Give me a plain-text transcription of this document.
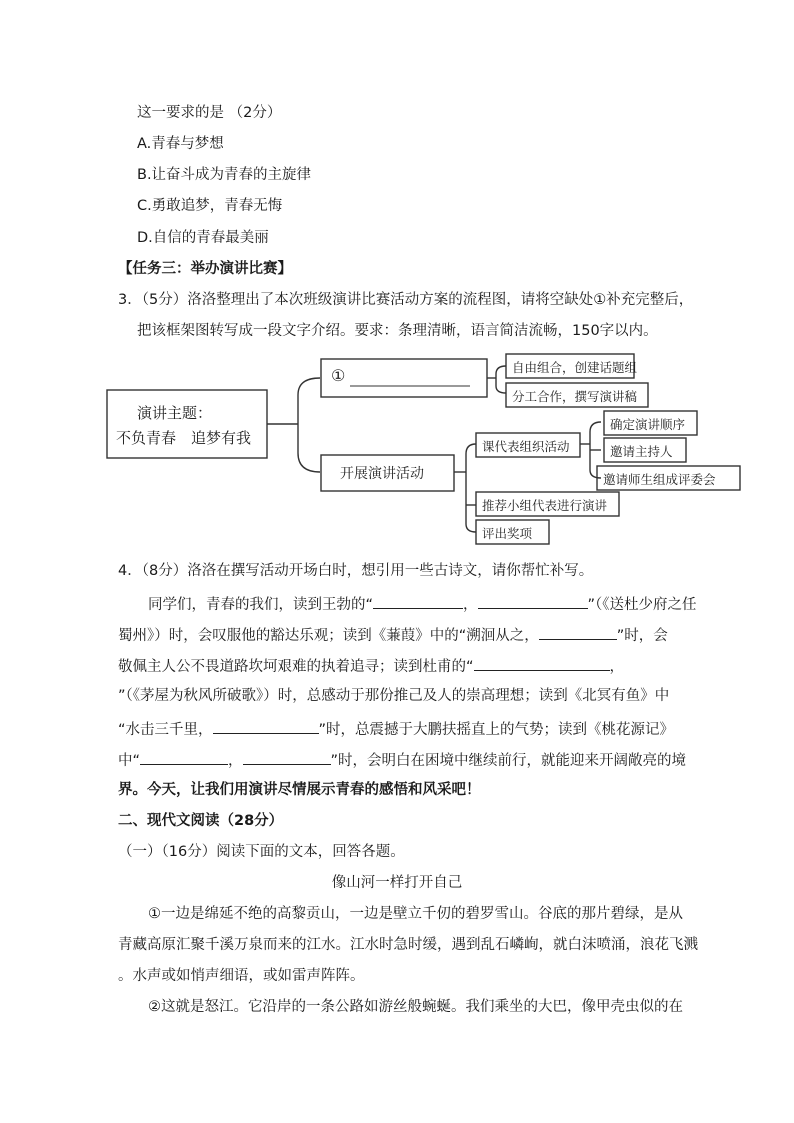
这一要求的是 （2分）
A.青春与梦想
B.让奋斗成为青春的主旋律
C.勇敢追梦，青春无悔
D.自信的青春最美丽
【任务三：举办演讲比赛】
3．（5分）洛洛整理出了本次班级演讲比赛活动方案的流程图，请将空缺处①补充完整后，
把该框架图转写成一段文字介绍。要求：条理清晰，语言简洁流畅，150字以内。
演讲主题：
不负青春　追梦有我
①
开展演讲活动
自由组合，创建话题组
分工合作，撰写演讲稿
课代表组织活动
推荐小组代表进行演讲
评出奖项
确定演讲顺序
邀请主持人
邀请师生组成评委会
4．（8分）洛洛在撰写活动开场白时，想引用一些古诗文，请你帮忙补写。
同学们，青春的我们，读到王勃的“	，	”（《送杜少府之任
蜀州》）时，会叹服他的豁达乐观；读到《蒹葭》中的“溯洄从之，	”时，会
敬佩主人公不畏道路坎坷艰难的执着追寻；读到杜甫的“	，
”（《茅屋为秋风所破歌》）时，总感动于那份推己及人的崇高理想；读到《北冥有鱼》中
“水击三千里，	”时，总震撼于大鹏扶摇直上的气势；读到《桃花源记》
中“	，	”时，会明白在困境中继续前行，就能迎来开阔敞亮的境
界。今天，让我们用演讲尽情展示青春的感悟和风采吧！
二、现代文阅读（28分）
（一）（16分）阅读下面的文本，回答各题。
像山河一样打开自己
①一边是绵延不绝的高黎贡山，一边是壁立千仞的碧罗雪山。谷底的那片碧绿，是从
青藏高原汇聚千溪万泉而来的江水。江水时急时缓，遇到乱石嶙峋，就白沫喷涌，浪花飞溅
。水声或如悄声细语，或如雷声阵阵。
②这就是怒江。它沿岸的一条公路如游丝般蜿蜒。我们乘坐的大巴，像甲壳虫似的在
